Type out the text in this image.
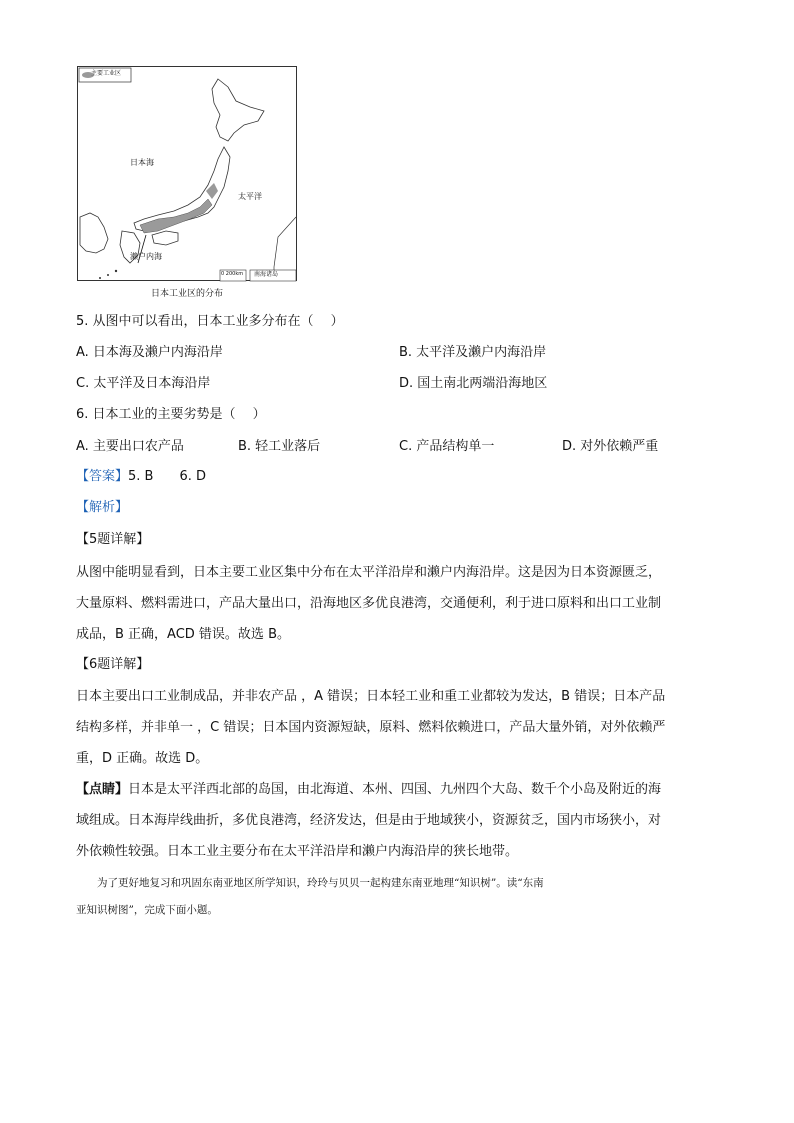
主要工业区
日本海
太平洋
濑户内海
0 200km 南海诸岛
日本工业区的分布
5. 从图中可以看出，日本工业多分布在（　 ）
A. 日本海及濑户内海沿岸	B. 太平洋及濑户内海沿岸
C. 太平洋及日本海沿岸	D. 国土南北两端沿海地区
6. 日本工业的主要劣势是（　 ）
A. 主要出口农产品	B. 轻工业落后	C. 产品结构单一	D. 对外依赖严重
【答案】5. B　　6. D
【解析】
【5题详解】
从图中能明显看到，日本主要工业区集中分布在太平洋沿岸和濑户内海沿岸。这是因为日本资源匮乏，
大量原料、燃料需进口，产品大量出口，沿海地区多优良港湾，交通便利，利于进口原料和出口工业制
成品，B 正确，ACD 错误。故选 B。
【6题详解】
日本主要出口工业制成品，并非农产品 ，A 错误；日本轻工业和重工业都较为发达，B 错误；日本产品
结构多样，并非单一 ，C 错误；日本国内资源短缺，原料、燃料依赖进口，产品大量外销，对外依赖严
重，D 正确。故选 D。
【点睛】日本是太平洋西北部的岛国，由北海道、本州、四国、九州四个大岛、数千个小岛及附近的海
域组成。日本海岸线曲折，多优良港湾，经济发达，但是由于地域狭小，资源贫乏，国内市场狭小，对
外依赖性较强。日本工业主要分布在太平洋沿岸和濑户内海沿岸的狭长地带。
　　为了更好地复习和巩固东南亚地区所学知识，玲玲与贝贝一起构建东南亚地理“知识树”。读“东南
亚知识树图”，完成下面小题。
